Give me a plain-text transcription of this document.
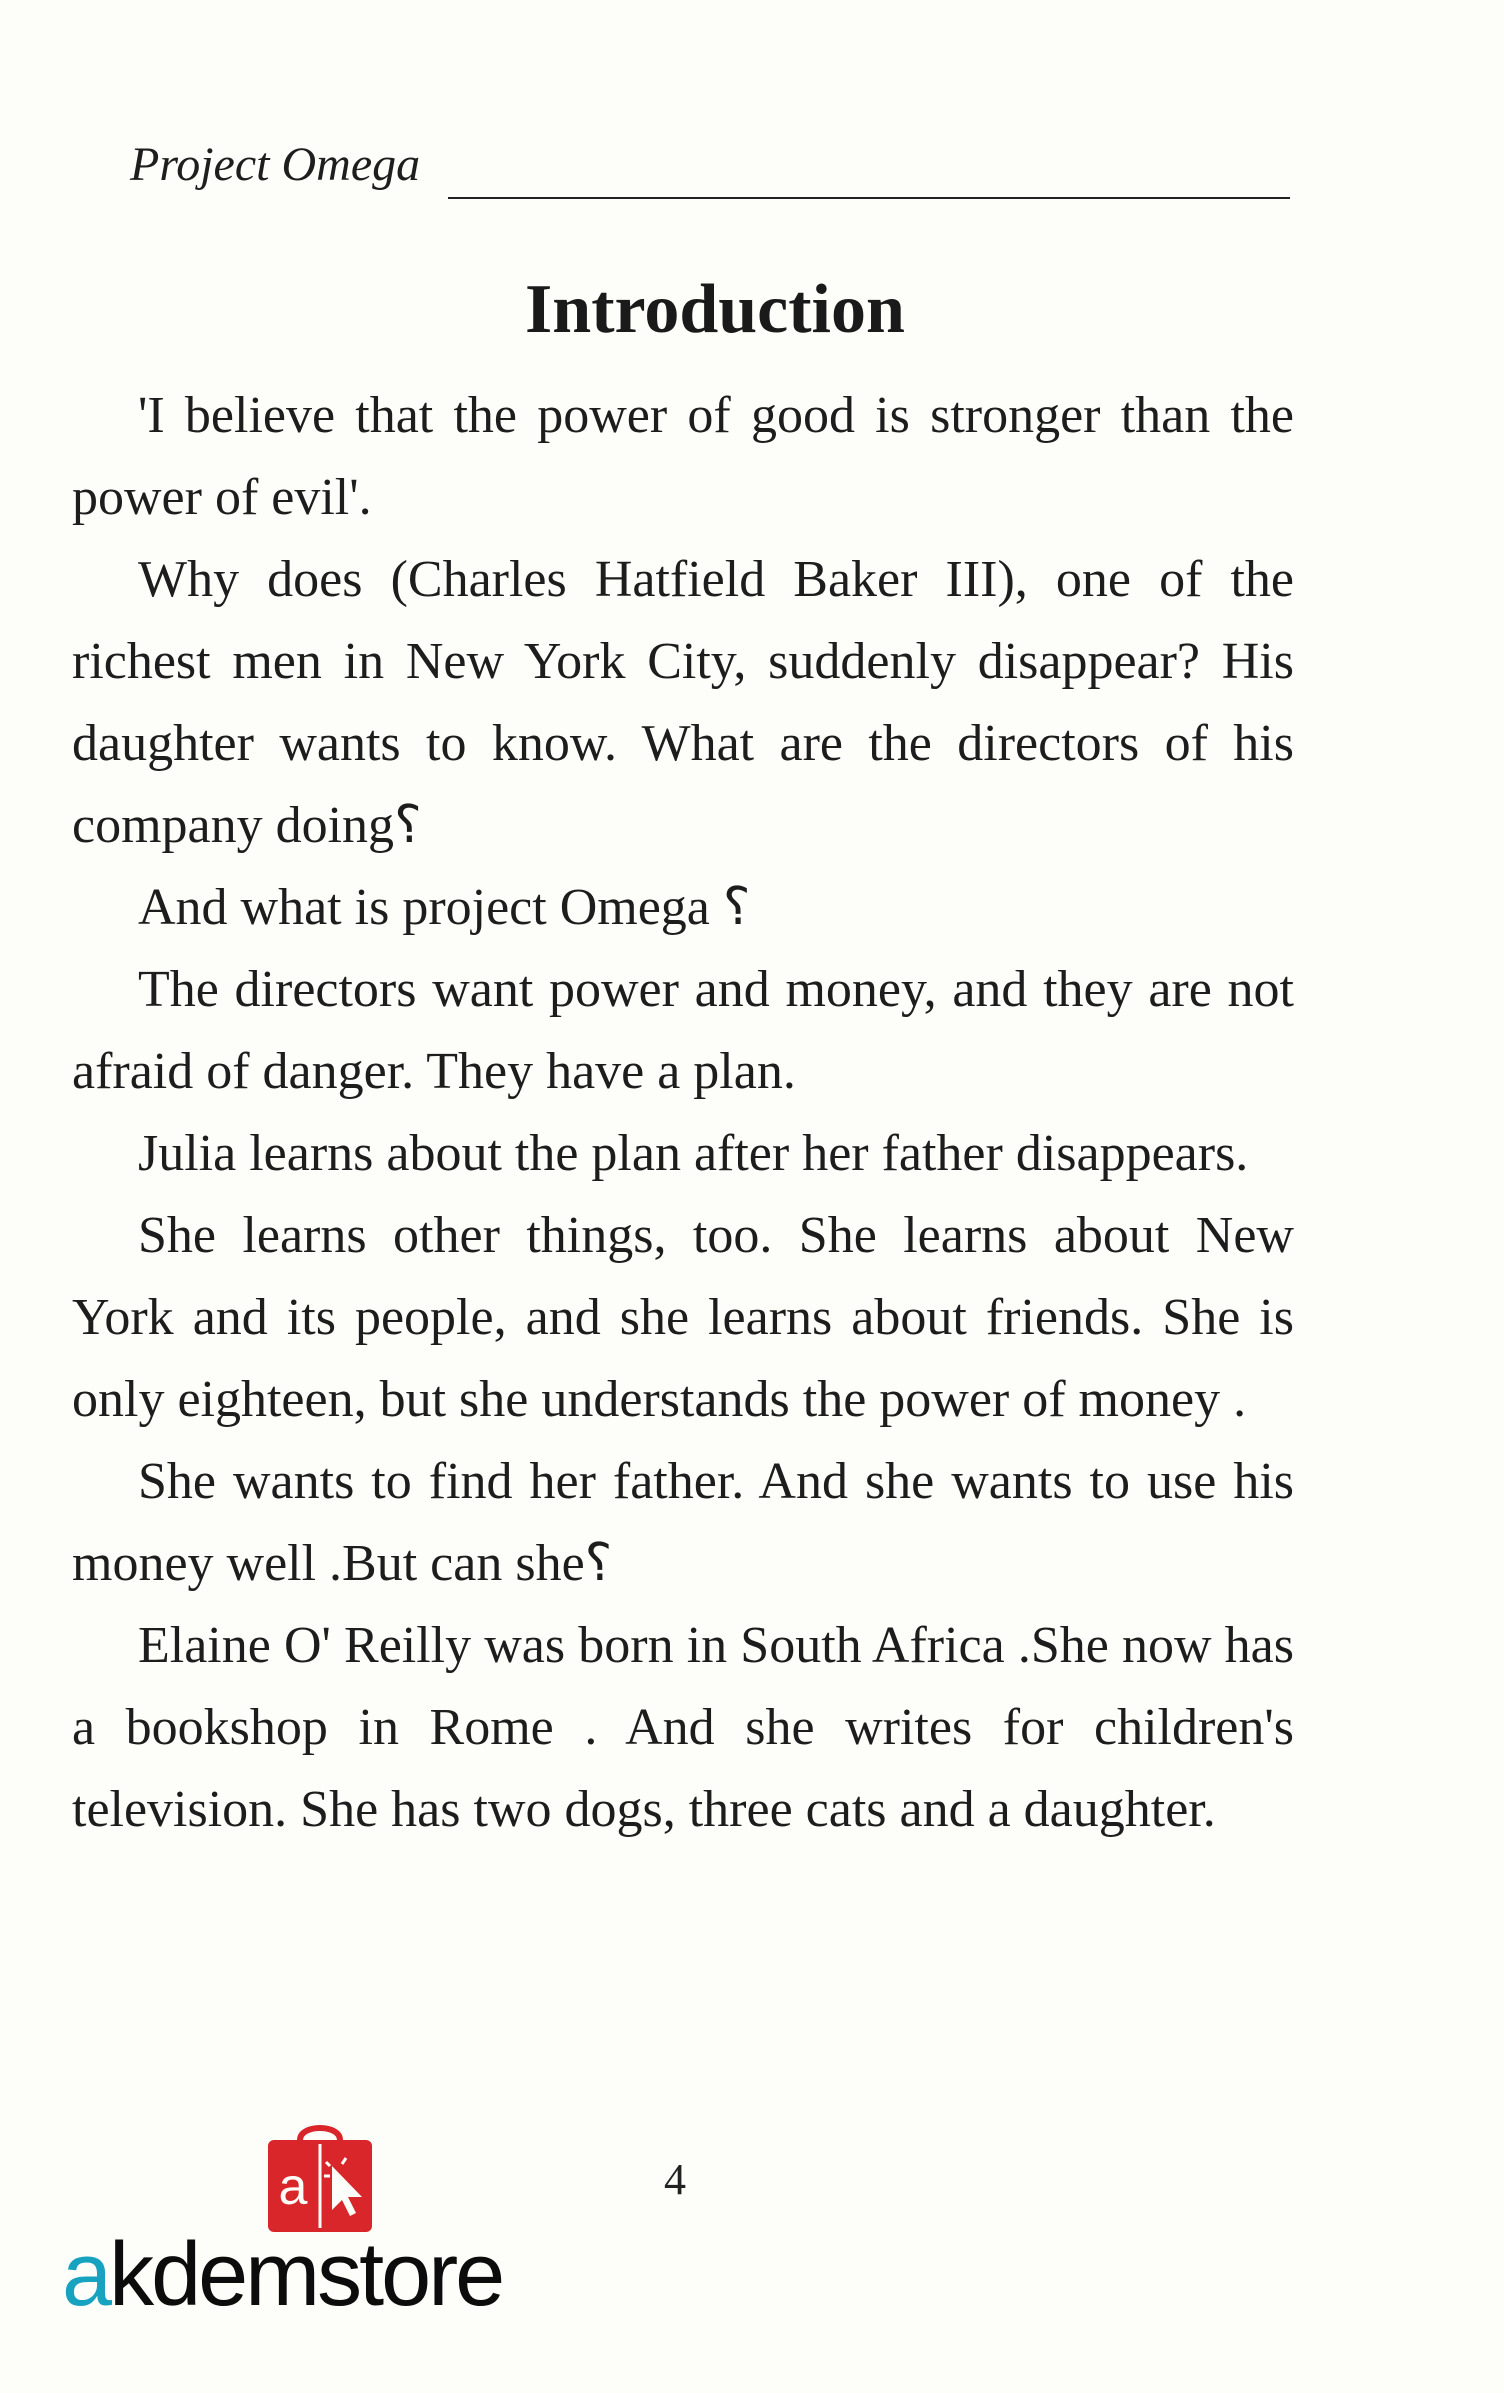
Project Omega
Introduction

'I believe that the power of good is stronger than the power of evil'.

Why does (Charles Hatfield Baker III), one of the richest men in New York City, suddenly disappear? His daughter wants to know. What are the directors of his company doing؟

And what is project Omega ؟

The directors want power and money, and they are not afraid of danger. They have a plan.

Julia learns about the plan after her father disappears.

She learns other things, too. She learns about New York and its people, and she learns about friends. She is only eighteen, but she understands the power of money .

She wants to find her father. And she wants to use his money well .But can she؟

Elaine O' Reilly was born in South Africa .She now has a bookshop in Rome . And she writes for children's television. She has two dogs, three cats and a daughter.

4
a
akdemstore
